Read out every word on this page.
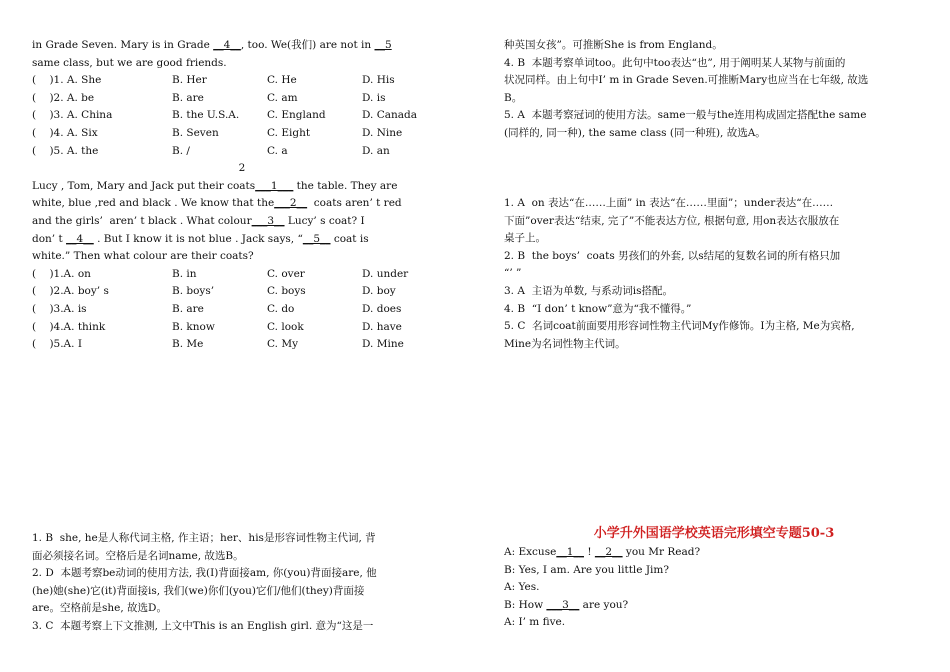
in Grade Seven. Mary is in Grade __4__, too. We(我们) are not in __5
same class, but we are good friends.
(    )1. A. She	B. Her	C. He	D. His
(    )2. A. be	B. are	C. am	D. is
(    )3. A. China	B. the U.S.A.	C. England	D. Canada
(    )4. A. Six	B. Seven	C. Eight	D. Nine
(    )5. A. the	B. /	C. a	D. an
2
Lucy , Tom, Mary and Jack put their coats___1___ the table. They are
white, blue ,red and black . We know that the___2__  coats aren’ t red
and the girls’  aren’ t black . What colour___3__ Lucy’ s coat? I
don’ t __4__ . But I know it is not blue . Jack says, “__5__ coat is
white.” Then what colour are their coats?
(    )1.A. on	B. in	C. over	D. under
(    )2.A. boy’ s	B. boys’	C. boys	D. boy
(    )3.A. is	B. are	C. do	D. does
(    )4.A. think	B. know	C. look	D. have
(    )5.A. I	B. Me	C. My	D. Mine
种英国女孩”。可推断She is from England。
4. B  本题考察单词too。此句中too表达“也”, 用于阐明某人某物与前面的
状况同样。由上句中I’ m in Grade Seven.可推断Mary也应当在七年级, 故选
B。
5. A  本题考察冠词的使用方法。same一般与the连用构成固定搭配the same
(同样的, 同一种), the same class (同一种班), 故选A。
1. A  on 表达“在……上面” in 表达“在……里面”；under表达“在……
下面”over表达“结束, 完了”不能表达方位, 根据句意, 用on表达衣服放在
桌子上。
2. B  the boys’  coats 男孩们的外套, 以s结尾的复数名词的所有格只加
“’ ”
3. A  主语为单数, 与系动词is搭配。
4. B  “I don’ t know”意为“我不懂得。”
5. C  名词coat前面要用形容词性物主代词My作修饰。I为主格, Me为宾格,
Mine为名词性物主代词。
1. B  she, he是人称代词主格, 作主语；her、his是形容词性物主代词, 背
面必须接名词。空格后是名词name, 故选B。
2. D  本题考察be动词的使用方法, 我(I)背面接am, 你(you)背面接are, 他
(he)她(she)它(it)背面接is, 我们(we)你们(you)它们/他们(they)背面接
are。空格前是she, 故选D。
3. C  本题考察上下文推测, 上文中This is an English girl. 意为“这是一
小学升外国语学校英语完形填空专题50-3
A: Excuse__1__ ! __2__ you Mr Read?
B: Yes, I am. Are you little Jim?
A: Yes.
B: How ___3__ are you?
A: I’ m five.
